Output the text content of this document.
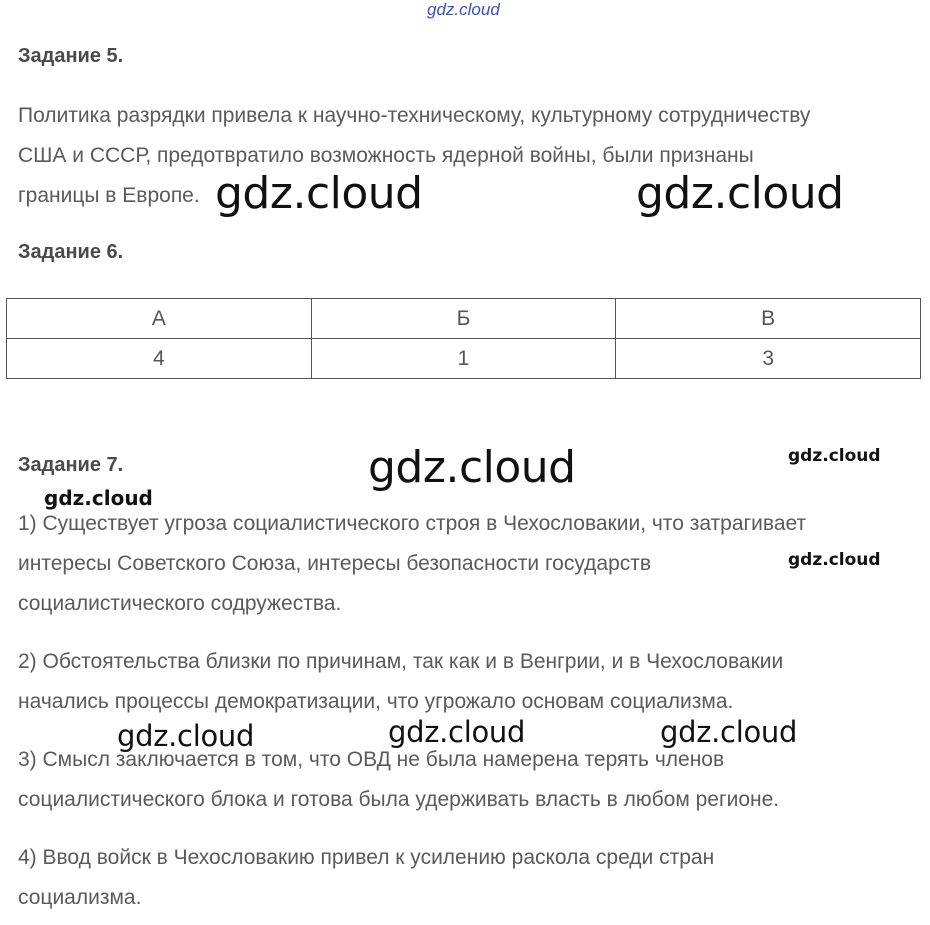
gdz.cloud
Задание 5.
Политика разрядки привела к научно-техническому, культурному сотрудничеству
США и СССР, предотвратило возможность ядерной войны, были признаны
границы в Европе.
Задание 6.
А	Б	В
4	1	3
Задание 7.
1) Существует угроза социалистического строя в Чехословакии, что затрагивает
интересы Советского Союза, интересы безопасности государств
социалистического содружества.
2) Обстоятельства близки по причинам, так как и в Венгрии, и в Чехословакии
начались процессы демократизации, что угрожало основам социализма.
3) Смысл заключается в том, что ОВД не была намерена терять членов
социалистического блока и готова была удерживать власть в любом регионе.
4) Ввод войск в Чехословакию привел к усилению раскола среди стран
социализма.
gdz.cloud	gdz.cloud
gdz.cloud	gdz.cloud
gdz.cloud
gdz.cloud
gdz.cloud	gdz.cloud	gdz.cloud
